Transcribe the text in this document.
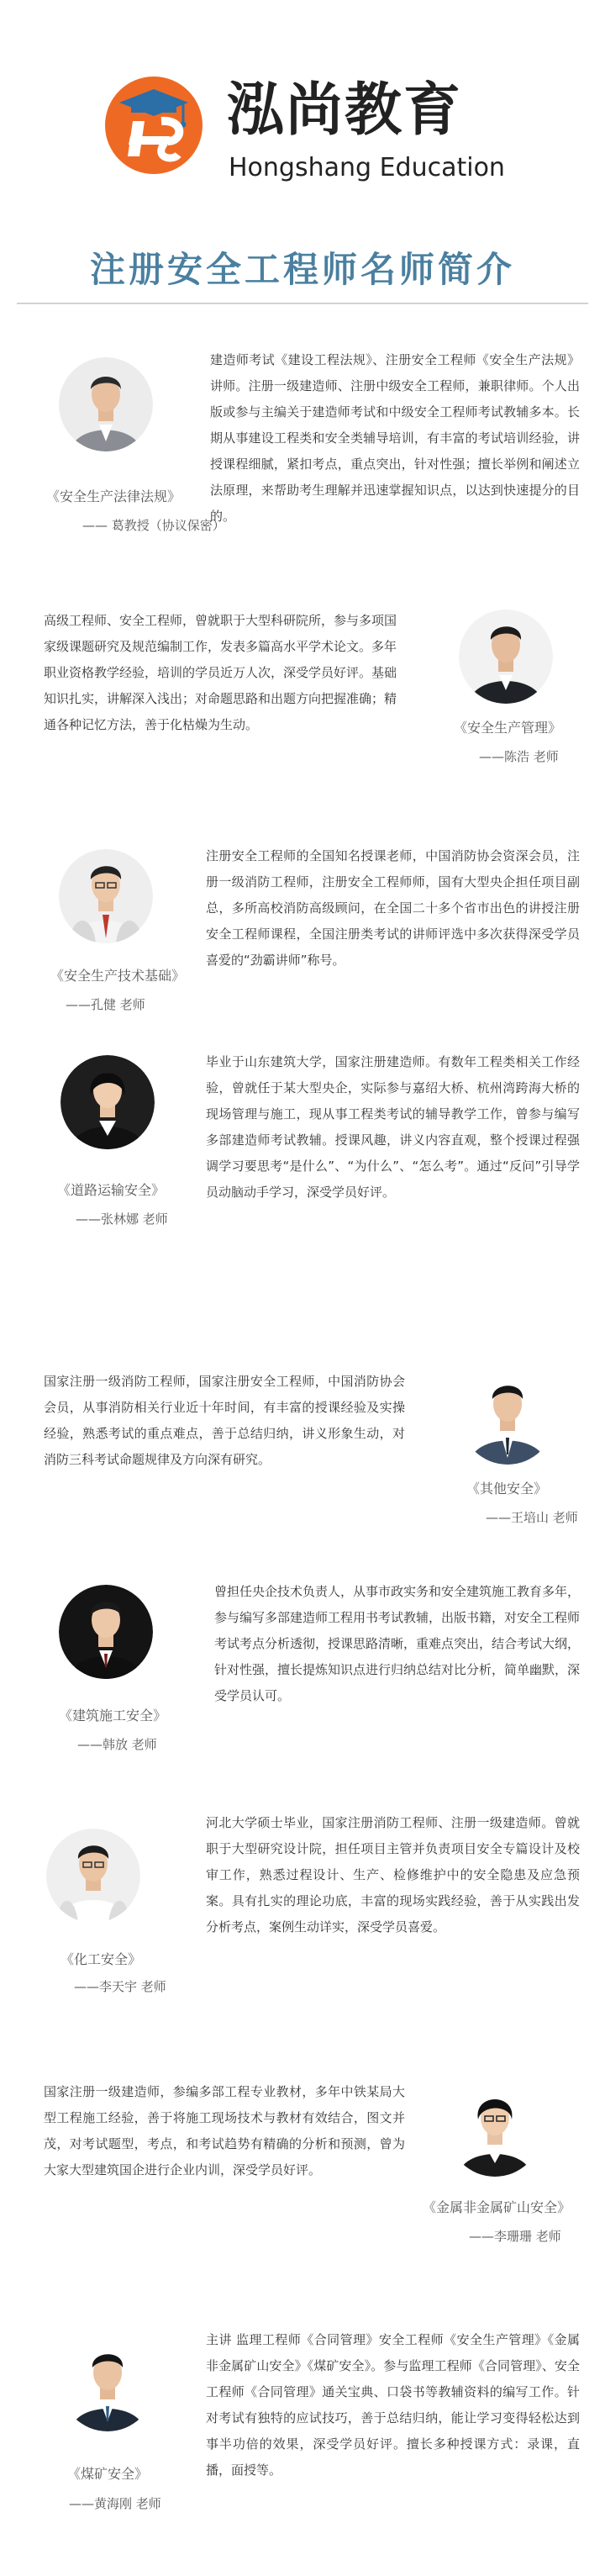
泓尚教育
Hongshang Education
注册安全工程师名师简介
《安全生产法律法规》
—— 葛教授（协议保密）
建造师考试《建设工程法规》、注册安全工程师《安全生产法规》讲师。注册一级建造师、注册中级安全工程师，兼职律师。个人出版或参与主编关于建造师考试和中级安全工程师考试教辅多本。长期从事建设工程类和安全类辅导培训，有丰富的考试培训经验，讲授课程细腻，紧扣考点，重点突出，针对性强；擅长举例和阐述立法原理，来帮助考生理解并迅速掌握知识点，以达到快速提分的目的。
高级工程师、安全工程师，曾就职于大型科研院所，参与多项国家级课题研究及规范编制工作，发表多篇高水平学术论文。多年职业资格教学经验，培训的学员近万人次，深受学员好评。基础知识扎实，讲解深入浅出；对命题思路和出题方向把握准确；精通各种记忆方法，善于化枯燥为生动。	《安全生产管理》
——陈浩 老师
《安全生产技术基础》
——孔健 老师
注册安全工程师的全国知名授课老师，中国消防协会资深会员，注册一级消防工程师，注册安全工程师师，国有大型央企担任项目副总，多所高校消防高级顾问，在全国二十多个省市出色的讲授注册安全工程师课程，全国注册类考试的讲师评选中多次获得深受学员喜爱的“劲霸讲师”称号。
《道路运输安全》
——张林娜 老师
毕业于山东建筑大学，国家注册建造师。有数年工程类相关工作经验，曾就任于某大型央企，实际参与嘉绍大桥、杭州湾跨海大桥的现场管理与施工，现从事工程类考试的辅导教学工作，曾参与编写多部建造师考试教辅。授课风趣，讲义内容直观，整个授课过程强调学习要思考“是什么”、“为什么”、“怎么考”。通过“反问”引导学员动脑动手学习，深受学员好评。
国家注册一级消防工程师，国家注册安全工程师，中国消防协会会员，从事消防相关行业近十年时间，有丰富的授课经验及实操经验，熟悉考试的重点难点，善于总结归纳，讲义形象生动，对消防三科考试命题规律及方向深有研究。
《其他安全》
——王培山 老师
《建筑施工安全》
——韩放 老师
曾担任央企技术负责人，从事市政实务和安全建筑施工教育多年，参与编写多部建造师工程用书考试教辅，出版书籍，对安全工程师考试考点分析透彻，授课思路清晰，重难点突出，结合考试大纲，针对性强，擅长提炼知识点进行归纳总结对比分析，简单幽默，深受学员认可。
《化工安全》
——李天宇 老师
河北大学硕士毕业，国家注册消防工程师、注册一级建造师。曾就职于大型研究设计院，担任项目主管并负责项目安全专篇设计及校审工作，熟悉过程设计、生产、检修维护中的安全隐患及应急预案。具有扎实的理论功底，丰富的现场实践经验，善于从实践出发分析考点，案例生动详实，深受学员喜爱。
国家注册一级建造师，参编多部工程专业教材，多年中铁某局大型工程施工经验，善于将施工现场技术与教材有效结合，图文并茂，对考试题型，考点，和考试趋势有精确的分析和预测，曾为大家大型建筑国企进行企业内训，深受学员好评。
《金属非金属矿山安全》
——李珊珊 老师
《煤矿安全》
——黄海刚 老师
主讲 监理工程师《合同管理》安全工程师《安全生产管理》《金属非金属矿山安全》《煤矿安全》。参与监理工程师《合同管理》、安全工程师《合同管理》通关宝典、口袋书等教辅资料的编写工作。针对考试有独特的应试技巧，善于总结归纳，能让学习变得轻松达到事半功倍的效果，深受学员好评。擅长多种授课方式：录课，直播，面授等。
